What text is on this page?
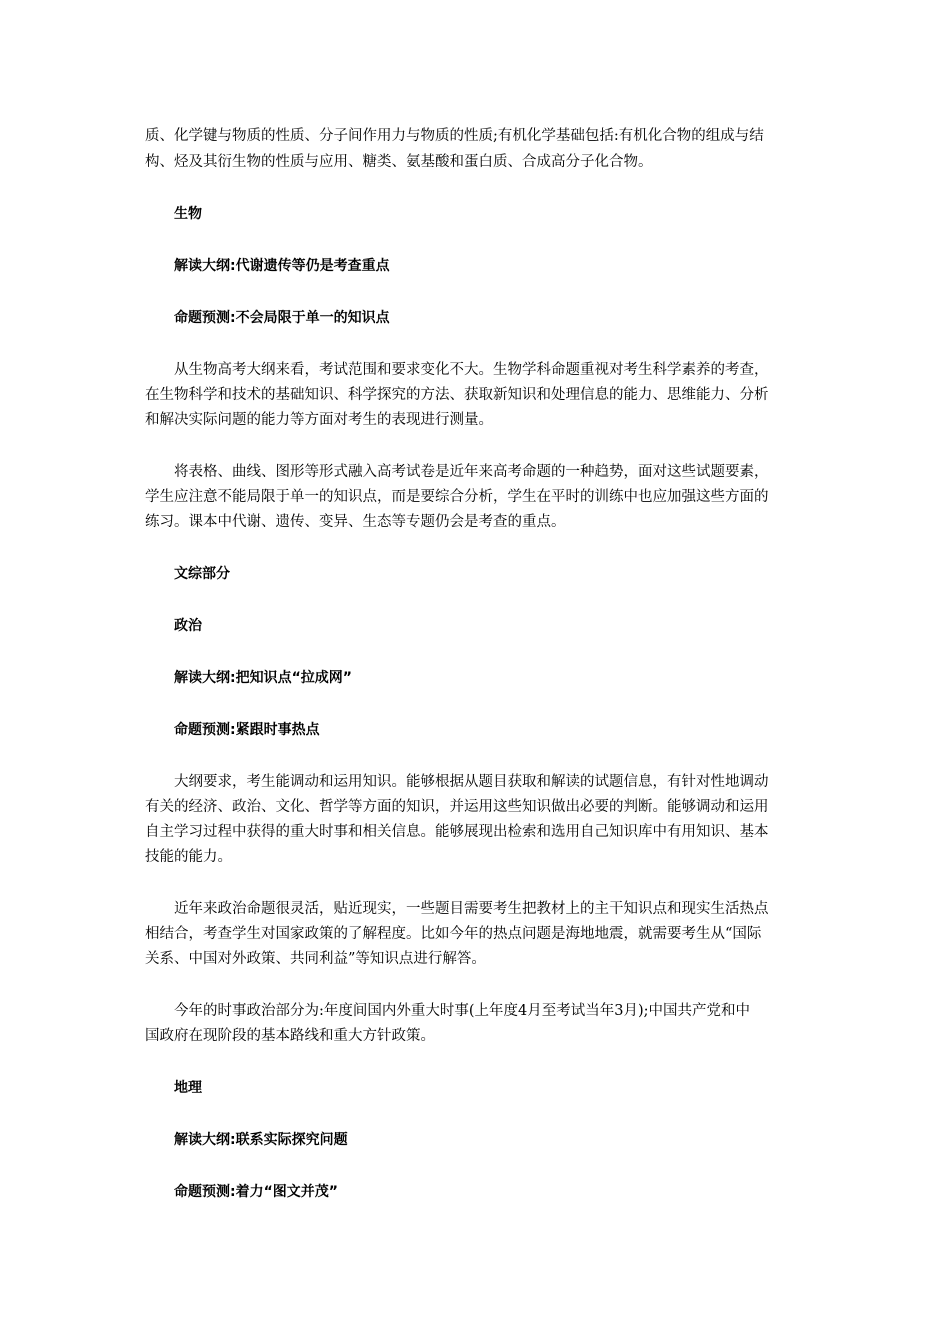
质、化学键与物质的性质、分子间作用力与物质的性质;有机化学基础包括:有机化合物的组成与结

构、烃及其衍生物的性质与应用、糖类、氨基酸和蛋白质、合成高分子化合物。

生物

解读大纲:代谢遗传等仍是考查重点

命题预测:不会局限于单一的知识点

从生物高考大纲来看，考试范围和要求变化不大。生物学科命题重视对考生科学素养的考查，

在生物科学和技术的基础知识、科学探究的方法、获取新知识和处理信息的能力、思维能力、分析

和解决实际问题的能力等方面对考生的表现进行测量。

将表格、曲线、图形等形式融入高考试卷是近年来高考命题的一种趋势，面对这些试题要素，

学生应注意不能局限于单一的知识点，而是要综合分析，学生在平时的训练中也应加强这些方面的

练习。课本中代谢、遗传、变异、生态等专题仍会是考查的重点。

文综部分

政治

解读大纲:把知识点“拉成网”

命题预测:紧跟时事热点

大纲要求，考生能调动和运用知识。能够根据从题目获取和解读的试题信息，有针对性地调动

有关的经济、政治、文化、哲学等方面的知识，并运用这些知识做出必要的判断。能够调动和运用

自主学习过程中获得的重大时事和相关信息。能够展现出检索和选用自己知识库中有用知识、基本

技能的能力。

近年来政治命题很灵活，贴近现实，一些题目需要考生把教材上的主干知识点和现实生活热点

相结合，考查学生对国家政策的了解程度。比如今年的热点问题是海地地震，就需要考生从“国际

关系、中国对外政策、共同利益”等知识点进行解答。

今年的时事政治部分为:年度间国内外重大时事(上年度4月至考试当年3月);中国共产党和中

国政府在现阶段的基本路线和重大方针政策。

地理

解读大纲:联系实际探究问题

命题预测:着力“图文并茂”
